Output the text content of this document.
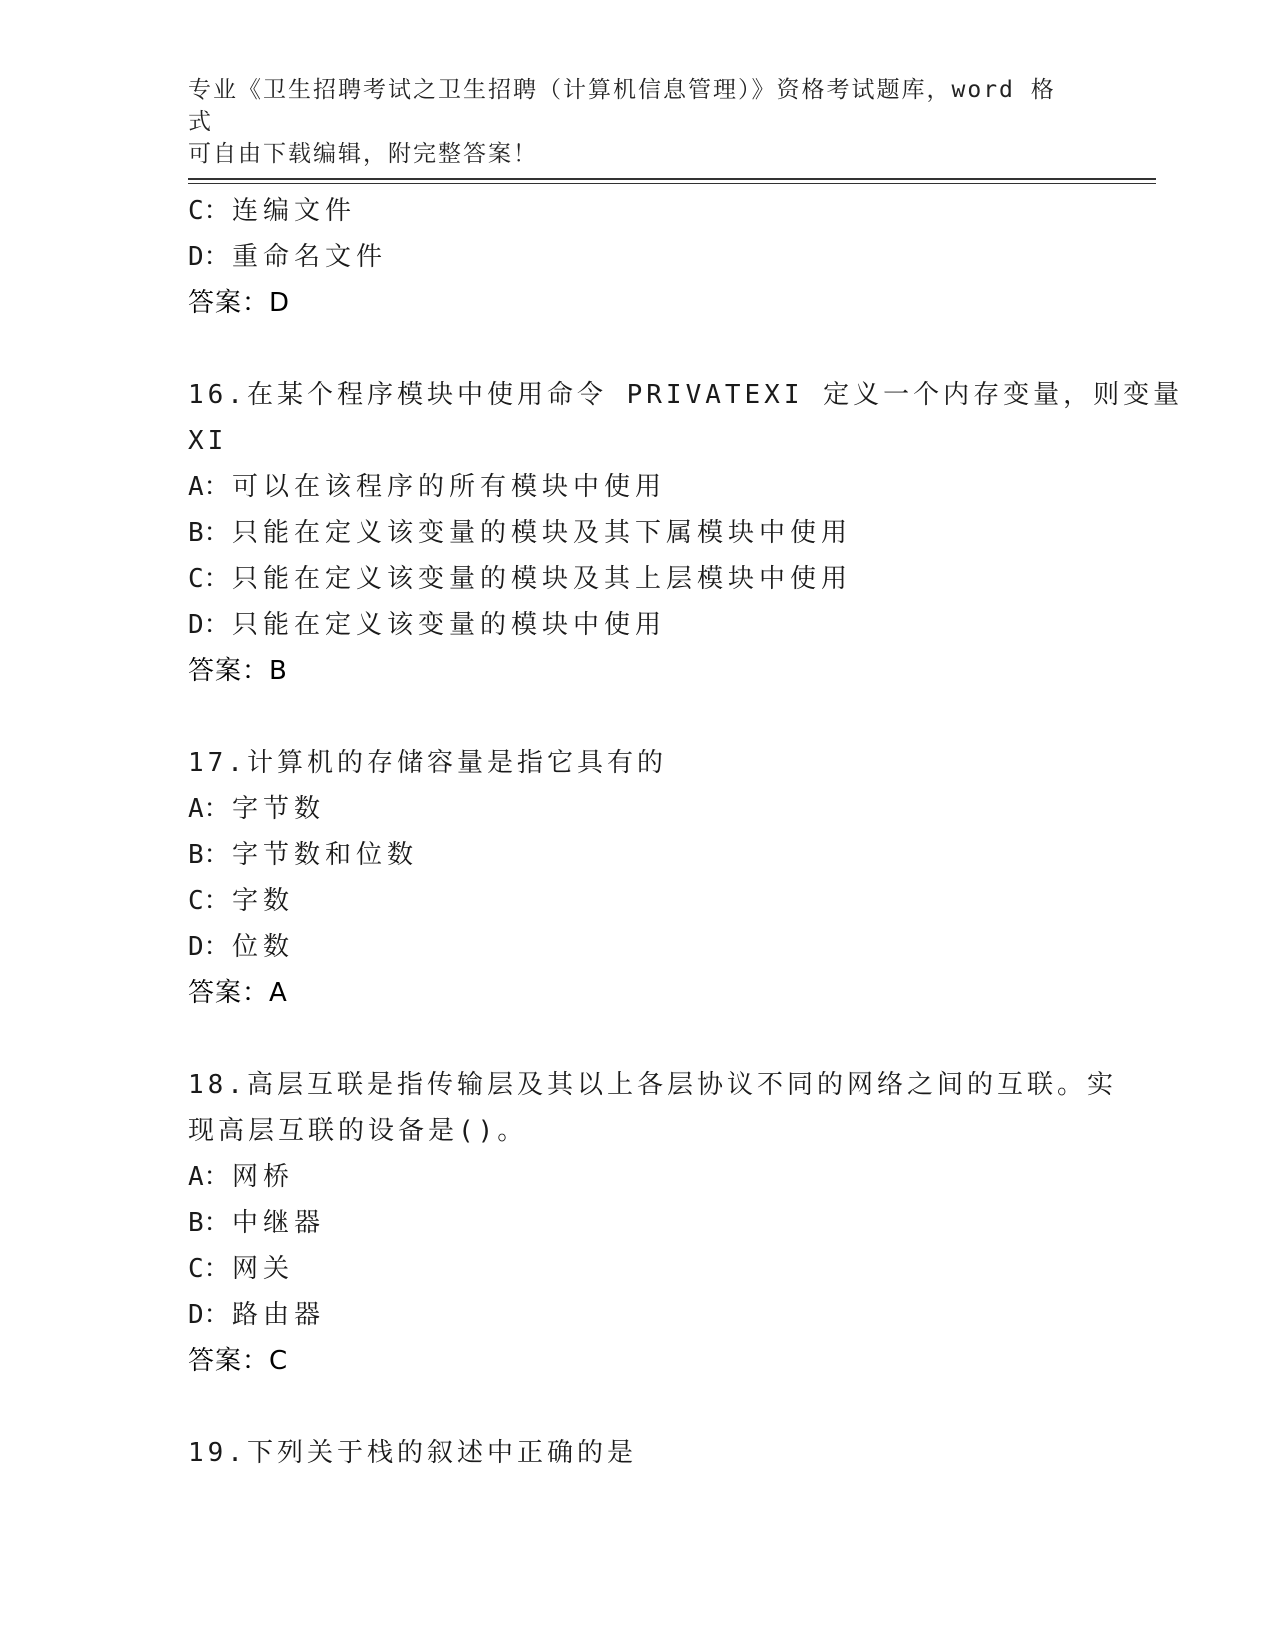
专业《卫生招聘考试之卫生招聘（计算机信息管理）》资格考试题库，word 格式
可自由下载编辑，附完整答案！
C：连编文件
D：重命名文件
答案：D
16.在某个程序模块中使用命令 PRIVATEXI 定义一个内存变量，则变量
XI
A：可以在该程序的所有模块中使用
B：只能在定义该变量的模块及其下属模块中使用
C：只能在定义该变量的模块及其上层模块中使用
D：只能在定义该变量的模块中使用
答案：B
17.计算机的存储容量是指它具有的
A：字节数
B：字节数和位数
C：字数
D：位数
答案：A
18.高层互联是指传输层及其以上各层协议不同的网络之间的互联。实
现高层互联的设备是()。
A：网桥
B：中继器
C：网关
D：路由器
答案：C
19.下列关于栈的叙述中正确的是
